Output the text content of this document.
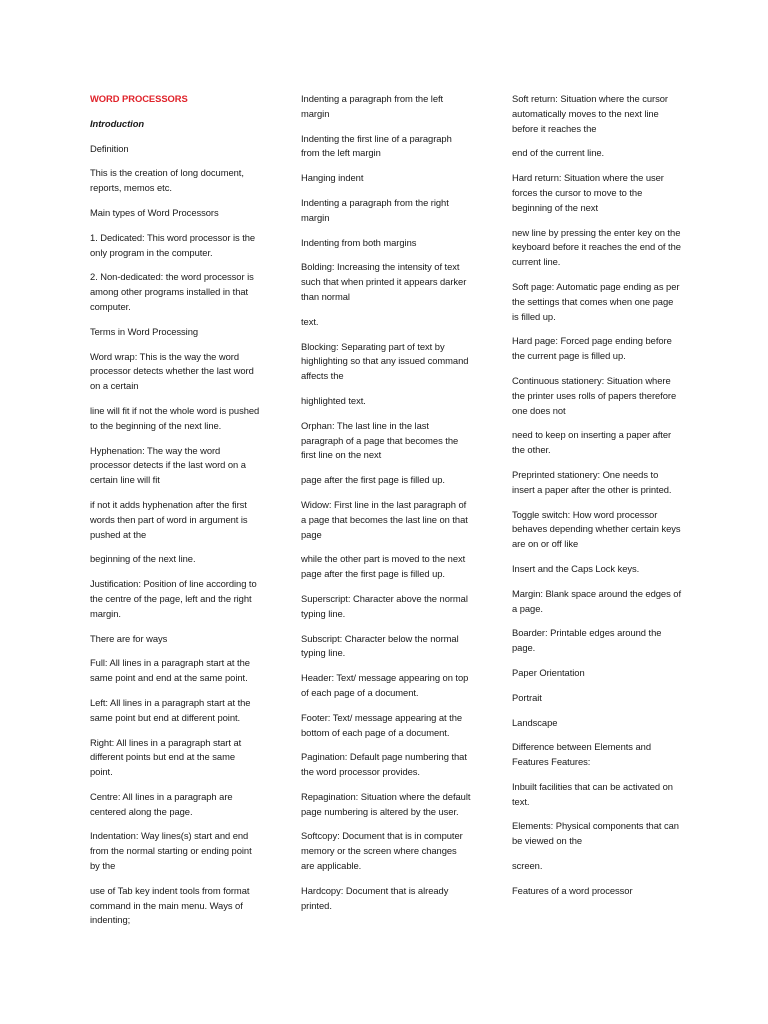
WORD PROCESSORS

Introduction

Definition

This is the creation of long document, reports, memos etc.

Main types of Word Processors

1. Dedicated: This word processor is the only program in the computer.

2. Non-dedicated: the word processor is among other programs installed in that computer.

Terms in Word Processing

Word wrap: This is the way the word processor detects whether the last word on a certain

line will fit if not the whole word is pushed to the beginning of the next line.

Hyphenation: The way the word processor detects if the last word on a certain line will fit

if not it adds hyphenation after the first words then part of word in argument is pushed at the

beginning of the next line.

Justification: Position of line according to the centre of the page, left and the right margin.

There are for ways

Full: All lines in a paragraph start at the same point and end at the same point.

Left: All lines in a paragraph start at the same point but end at different point.

Right: All lines in a paragraph start at different points but end at the same point.

Centre: All lines in a paragraph are centered along the page.

Indentation: Way lines(s) start and end from the normal starting or ending point by the

use of Tab key indent tools from format command in the main menu. Ways of indenting;

Indenting a paragraph from the left margin

Indenting the first line of a paragraph from the left margin

Hanging indent

Indenting a paragraph from the right margin

Indenting from both margins

Bolding: Increasing the intensity of text such that when printed it appears darker than normal

text.

Blocking: Separating part of text by highlighting so that any issued command affects the

highlighted text.

Orphan: The last line in the last paragraph of a page that becomes the first line on the next

page after the first page is filled up.

Widow: First line in the last paragraph of a page that becomes the last line on that page

while the other part is moved to the next page after the first page is filled up.

Superscript: Character above the normal typing line.

Subscript: Character below the normal typing line.

Header: Text/ message appearing on top of each page of a document.

Footer: Text/ message appearing at the bottom of each page of a document.

Pagination: Default page numbering that the word processor provides.

Repagination: Situation where the default page numbering is altered by the user.

Softcopy: Document that is in computer memory or the screen where changes are applicable.

Hardcopy: Document that is already printed.

Soft return: Situation where the cursor automatically moves to the next line before it reaches the

end of the current line.

Hard return: Situation where the user forces the cursor to move to the beginning of the next

new line by pressing the enter key on the keyboard before it reaches the end of the current line.

Soft page: Automatic page ending as per the settings that comes when one page is filled up.

Hard page: Forced page ending before the current page is filled up.

Continuous stationery: Situation where the printer uses rolls of papers therefore one does not

need to keep on inserting a paper after the other.

Preprinted stationery: One needs to insert a paper after the other is printed.

Toggle switch: How word processor behaves depending whether certain keys are on or off like

Insert and the Caps Lock keys.

Margin: Blank space around the edges of a page.

Boarder: Printable edges around the page.

Paper Orientation

Portrait

Landscape

Difference between Elements and Features Features:

Inbuilt facilities that can be activated on text.

Elements: Physical components that can be viewed on the

screen.

Features of a word processor
